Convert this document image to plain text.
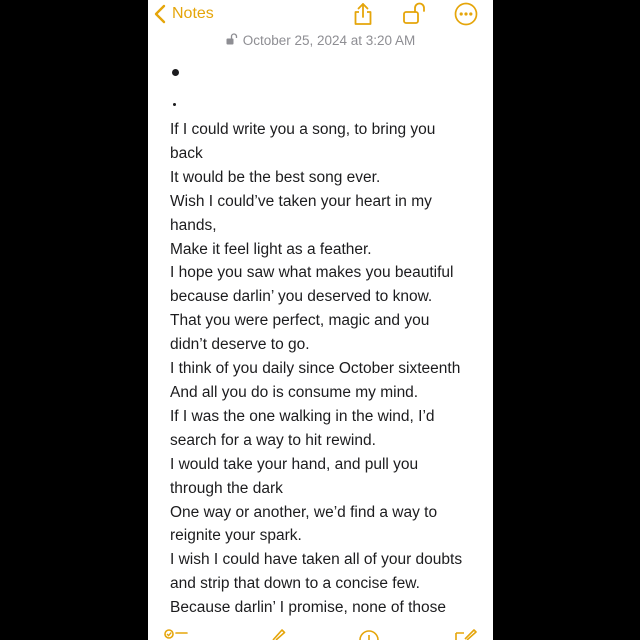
Notes
October 25, 2024 at 3:20 AM
If I could write you a song, to bring you
back
It would be the best song ever.
Wish I could’ve taken your heart in my
hands,
Make it feel light as a feather.
I hope you saw what makes you beautiful
because darlin’ you deserved to know.
That you were perfect, magic and you
didn’t deserve to go.
I think of you daily since October sixteenth
And all you do is consume my mind.
If I was the one walking in the wind, I’d
search for a way to hit rewind.
I would take your hand, and pull you
through the dark
One way or another, we’d find a way to
reignite your spark.
I wish I could have taken all of your doubts
and strip that down to a concise few.
Because darlin’ I promise, none of those
